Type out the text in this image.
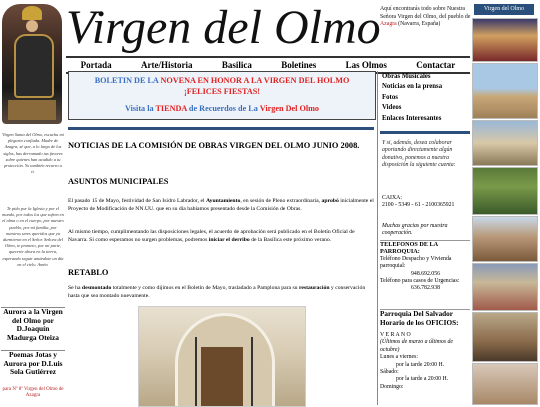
Virgen Santa del Olmo, escucha mi plegaria confiada. Madre de Azagra, sé que, a lo largo de los siglos, has derramado tus favores sobre quienes han acudido a tu protección. Yo también recurro a ti.
Te pido por la Iglesia y por el mundo, por todos los que sufren en el alma o en el cuerpo, por nuestro pueblo, por mi familia, por nuestros seres queridos que ya durmieron en el Señor. Señora del Olmo, te prometo, por mi parte, quererte ahora en la tierra, esperando seguir amándote un día en el cielo. Amén.
Aurora a la Virgen del Olmo por D.Joaquín Madurga Oteiza
Poemas Jotas y Aurora por D.Luis Sola Gutiérrez
para Nº 8º Virgen del Olmo de Azagra
Virgen del Olmo Aquí encontrarás todo sobre Nuestra Señora Virgen del Olmo, del pueblo de Azagra (Navarra, España)
Virgen del Olmo
Portada	Arte/Historia	Basilica	Boletines	Las Olmos	Contactar
BOLETIN DE LA NOVENA EN HONOR A LA VIRGEN DEL HOLMO
¡FELICES FIESTAS!
Visita la TIENDA de Recuerdos de La Virgen Del Olmo
NOTICIAS DE LA COMISIÓN DE OBRAS VIRGEN DEL OLMO JUNIO 2008.
ASUNTOS MUNICIPALES
El pasado 15 de Mayo, festividad de San Isidro Labrador, el Ayuntamiento, en sesión de Pleno extraordinaria, aprobó inicialmente el Proyecto de Modificación de NN.UU. que en su día habíamos presentado desde la Comisión de Obras.
Al mismo tiempo, cumplimentando las disposiciones legales, el acuerdo de aprobación será publicado en el Boletín Oficial de Navarra. Si como esperamos no surgen problemas, podremos iniciar el derribo de la Basílica este próximo verano.
RETABLO
Se ha desmontado totalmente y como dijimos en el Boletín de Mayo, trasladado a Pamplona para su restauración y conservación hasta que sea montado nuevamente.
Obras Musicales
Noticias en la prensa
Fotos
Videos
Enlaces Interesantes
Y si, además, desea colaborar aportando directamente algún donativo, ponemos a nuestra disposición la siguiente cuenta:
CAIXA:
2100 - 5349 - 61 - 2100365921
Muchas gracias por nuestra cooperación.
TELEFONOS DE LA PARROQUIA:
Teléfono Despacho y Vivienda parroquial:
948.692.056
Teléfono para casos de Urgencias:
636.782.938
Parroquia Del Salvador Horario de los OFICIOS:
V E R A N O
(Últimos de marzo a últimos de octubre)
Lunes a viernes:
por la tarde 20:00 H.
Sábado:
por la tarde a 20:00 H.
Domingo:
